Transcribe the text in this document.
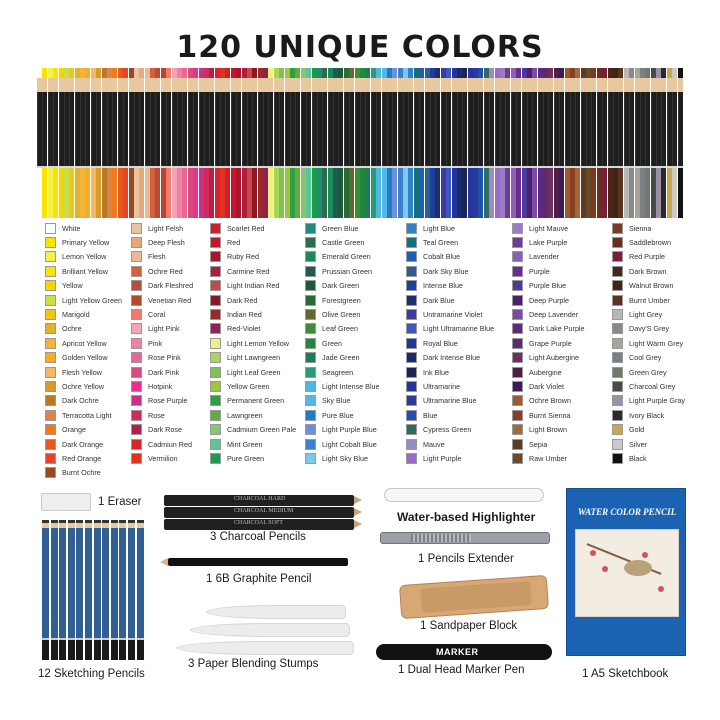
120 UNIQUE COLORS
White
Primary Yellow
Lemon Yellow
Brilliant Yellow
Yellow
Light Yellow Green
Marigold
Ochre
Apricot Yellow
Golden Yellow
Flesh Yellow
Ochre Yellow
Dark Ochre
Terracotta Light
Orange
Dark Orange
Red Orange
Burnt Ochre
Light Felsh
Deep Flesh
Flesh
Ochre Red
Dark Fleshred
Venetian Red
Coral
Light Pink
Pink
Rose Pink
Dark Pink
Hotpink
Rose Purple
Rose
Dark Rose
Cadmiun Red
Vermilion
Scarlet Red
Red
Ruby Red
Carmine Red
Light Indian Red
Dark Red
Indian Red
Red-Violet
Light Lemon Yellow
Light Lawngreen
Light Leaf Green
Yellow Green
Permanent Green
Lawngreen
Cadmium Green Pale
Mint Green
Pure Green
Green Blue
Castle Green
Emerald Green
Prussian Green
Dark Green
Forestgreen
Olive Green
Leaf Green
Green
Jade Green
Seagreen
Light Intense Blue
Sky Blue
Pure Blue
Light Purple Blue
Light Cobalt Blue
Light Sky Blue
Light Blue
Teal Green
Cobalt Blue
Dark Sky Blue
Intense Blue
Dark Blue
Untramarine Violet
Light Ultramarine Blue
Royal Blue
Dark Intense Blue
Ink Blue
Ultramarine
Ultramarine Blue
Blue
Cypress Green
Mauve
Light Purple
Light Mauve
Lake Purple
Lavender
Purple
Purple Blue
Deep Purple
Deep Lavender
Dark Lake Purple
Grape Purple
Light Aubergine
Aubergine
Dark Violet
Ochre Brown
Burnt Sienna
Light Brown
Sepia
Raw Umber
Sienna
Saddlebrown
Red Purple
Dark Brown
Walnut Brown
Burnt Umber
Light Grey
Davy'S Grey
Light Warm Grey
Cool Grey
Green Grey
Charcoal Grey
Light Purple Gray
Ivory Black
Gold
Silver
Black
1 Eraser
12 Sketching Pencils
CHARCOAL HARD
CHARCOAL MEDIUM
CHARCOAL SOFT
3 Charcoal Pencils
1 6B Graphite Pencil
3 Paper Blending Stumps
Water-based Highlighter
1 Pencils Extender
1 Sandpaper Block
MARKER
1 Dual Head Marker Pen
WATER COLOR PENCIL
1 A5 Sketchbook
